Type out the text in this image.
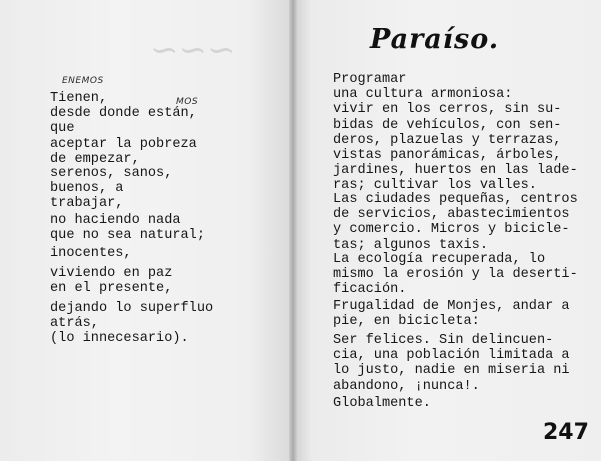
~~~
ENEMOS
MOS
Tienen,
desde donde están,
que
aceptar la pobreza
de empezar,
serenos, sanos,
buenos, a
trabajar,
no haciendo nada
que no sea natural;
inocentes,
viviendo en paz
en el presente,
dejando lo superfluo
atrás,
(lo innecesario).
Paraíso.
Programar
una cultura armoniosa:
vivir en los cerros, sin su-
bidas de vehículos, con sen-
deros, plazuelas y terrazas,
vistas panorámicas, árboles,
jardines, huertos en las lade-
ras; cultivar los valles.
Las ciudades pequeñas, centros
de servicios, abastecimientos
y comercio. Micros y bicicle-
tas; algunos taxis.
La ecología recuperada, lo
mismo la erosión y la deserti-
ficación.
Frugalidad de Monjes, andar a
pie, en bicicleta:
Ser felices. Sin delincuen-
cia, una población limitada a
lo justo, nadie en miseria ni
abandono, ¡nunca!.
Globalmente.
247
